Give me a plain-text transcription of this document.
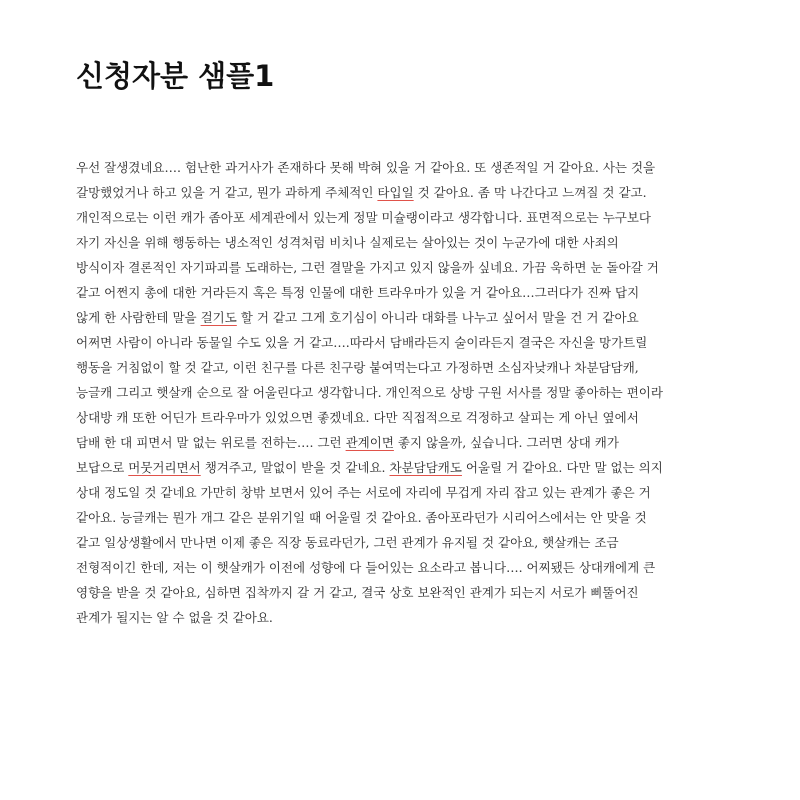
신청자분 샘플1
우선 잘생겼네요…. 험난한 과거사가 존재하다 못해 박혀 있을 거 같아요. 또 생존적일 거 같아요. 사는 것을
갈망했었거나 하고 있을 거 같고, 뭔가 과하게 주체적인 타입일 것 같아요. 좀 막 나간다고 느껴질 것 같고.
개인적으로는 이런 캐가 좀아포 세계관에서 있는게 정말 미슐랭이라고 생각합니다. 표면적으로는 누구보다
자기 자신을 위해 행동하는 냉소적인 성격처럼 비치나 실제로는 살아있는 것이 누군가에 대한 사죄의
방식이자 결론적인 자기파괴를 도래하는, 그런 결말을 가지고 있지 않을까 싶네요. 가끔 욱하면 눈 돌아갈 거
같고 어쩐지 총에 대한 거라든지 혹은 특정 인물에 대한 트라우마가 있을 거 같아요…그러다가 진짜 답지
않게 한 사람한테 말을 걸기도 할 거 같고 그게 호기심이 아니라 대화를 나누고 싶어서 말을 건 거 같아요
어쩌면 사람이 아니라 동물일 수도 있을 거 같고….따라서 담배라든지 술이라든지 결국은 자신을 망가트릴
행동을 거침없이 할 것 같고, 이런 친구를 다른 친구랑 붙여먹는다고 가정하면 소심자낮캐나 차분담담캐,
능글캐 그리고 햇살캐 순으로 잘 어울린다고 생각합니다. 개인적으로 상방 구원 서사를 정말 좋아하는 편이라
상대방 캐 또한 어딘가 트라우마가 있었으면 좋겠네요. 다만 직접적으로 걱정하고 살피는 게 아닌 옆에서
담배 한 대 피면서 말 없는 위로를 전하는…. 그런 관계이면 좋지 않을까, 싶습니다. 그러면 상대 캐가
보답으로 머뭇거리면서 챙겨주고, 말없이 받을 것 같네요. 차분담담캐도 어울릴 거 같아요. 다만 말 없는 의지
상대 정도일 것 같네요 가만히 창밖 보면서 있어 주는 서로에 자리에 무겁게 자리 잡고 있는 관계가 좋은 거
같아요. 능글캐는 뭔가 개그 같은 분위기일 때 어울릴 것 같아요. 좀아포라던가 시리어스에서는 안 맞을 것
같고 일상생활에서 만나면 이제 좋은 직장 동료라던가, 그런 관계가 유지될 것 같아요, 햇살캐는 조금
전형적이긴 한데, 저는 이 햇살캐가 이전에 성향에 다 들어있는 요소라고 봅니다…. 어찌됐든 상대캐에게 큰
영향을 받을 것 같아요, 심하면 집착까지 갈 거 같고, 결국 상호 보완적인 관계가 되는지 서로가 삐뚤어진
관계가 될지는 알 수 없을 것 같아요.
